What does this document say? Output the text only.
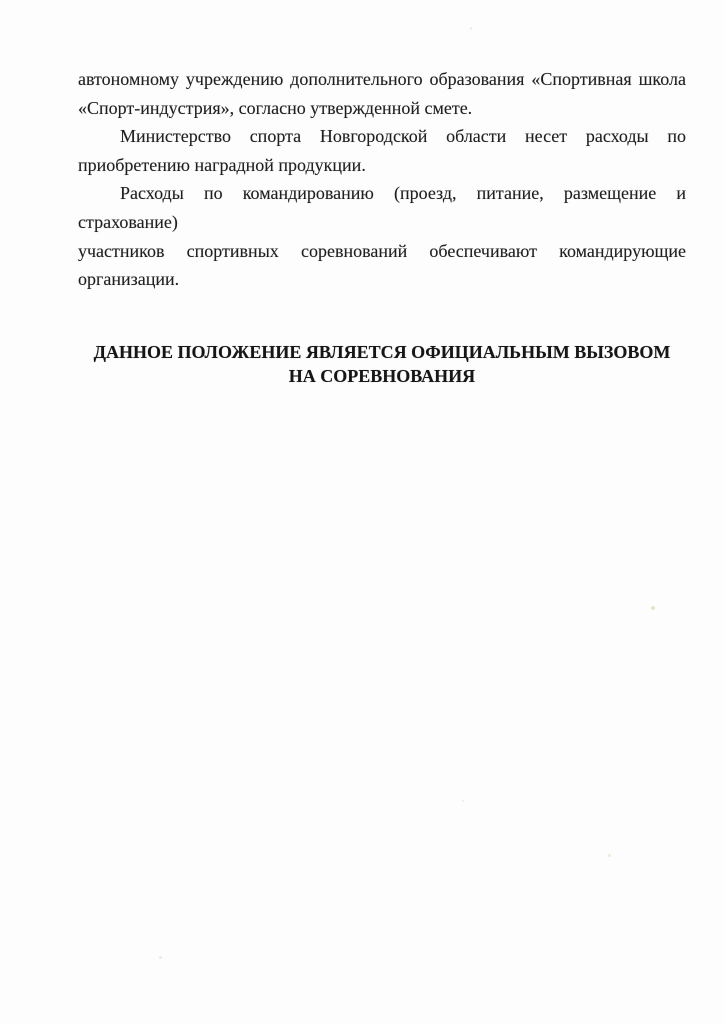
автономному учреждению дополнительного образования «Спортивная школа
«Спорт-индустрия», согласно утвержденной смете.
Министерство спорта Новгородской области несет расходы по
приобретению наградной продукции.
Расходы по командированию (проезд, питание, размещение и страхование)
участников спортивных соревнований обеспечивают командирующие
организации.
ДАННОЕ ПОЛОЖЕНИЕ ЯВЛЯЕТСЯ ОФИЦИАЛЬНЫМ ВЫЗОВОМ
НА СОРЕВНОВАНИЯ
